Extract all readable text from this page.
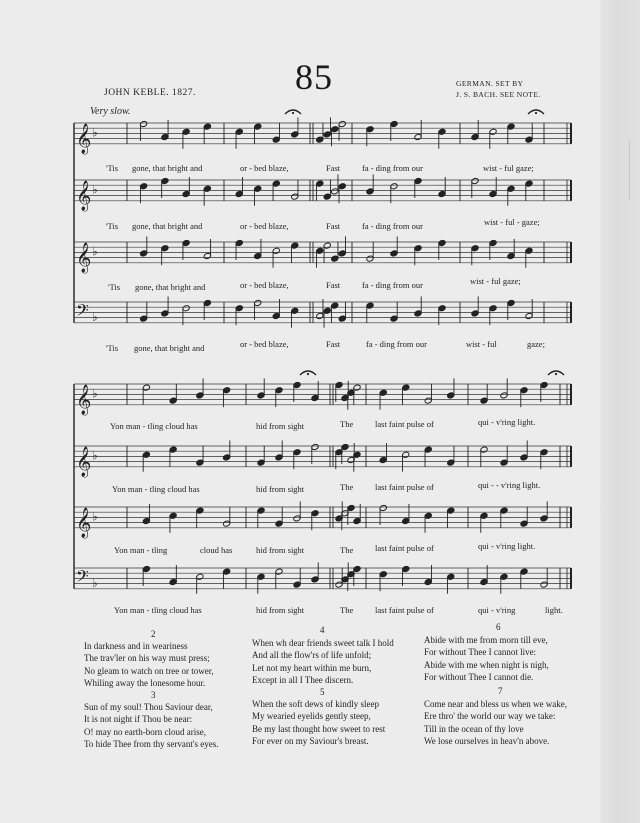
85
JOHN KEBLE. 1827.
GERMAN. SET BY
J. S. BACH. SEE NOTE.
Very slow.
𝄞 ♭
𝄞 ♭
𝄞 ♭
𝄢 ♭
𝄞 ♭
𝄞 ♭
𝄞 ♭
𝄢 ♭
'Tis gone, that bright and	or - bed blaze,	Fast	fa - ding from our	wist - ful gaze;
'Tis gone, that bright and	or - bed blaze,	Fast	fa - ding from our	wist - ful - gaze;
'Tis gone, that bright and	or - bed blaze,	Fast	fa - ding from our	wist - ful gaze;
'Tis gone, that bright and	or - bed blaze,	Fast	fa - ding from our	wist - ful	gaze;
Yon man - tling cloud has	hid from sight	The	last faint pulse of	qui - v'ring light.
Yon man - tling cloud has	hid from sight	The	last faint pulse of	qui - - v'ring light.
Yon man - tling	cloud has	hid from sight	The	last faint pulse of	qui - v'ring light.
Yon man - tling cloud has	hid from sight	The	last faint pulse of	qui - v'ring	light.
2
In darkness and in weariness
The trav'ler on his way must press;
No gleam to watch on tree or tower,
Whiling away the lonesome hour.
3
Sun of my soul! Thou Saviour dear,
It is not night if Thou be near:
O! may no earth-born cloud arise,
To hide Thee from thy servant's eyes.
4
When wh dear friends sweet talk I hold
And all the flow'rs of life unfold;
Let not my heart within me burn,
Except in all I Thee discern.
5
When the soft dews of kindly sleep
My wearied eyelids gently steep,
Be my last thought how sweet to rest
For ever on my Saviour's breast.
6
Abide with me from morn till eve,
For without Thee I cannot live:
Abide with me when night is nigh,
For without Thee I cannot die.
7
Come near and bless us when we wake,
Ere thro' the world our way we take:
Till in the ocean of thy love
We lose ourselves in heav'n above.
